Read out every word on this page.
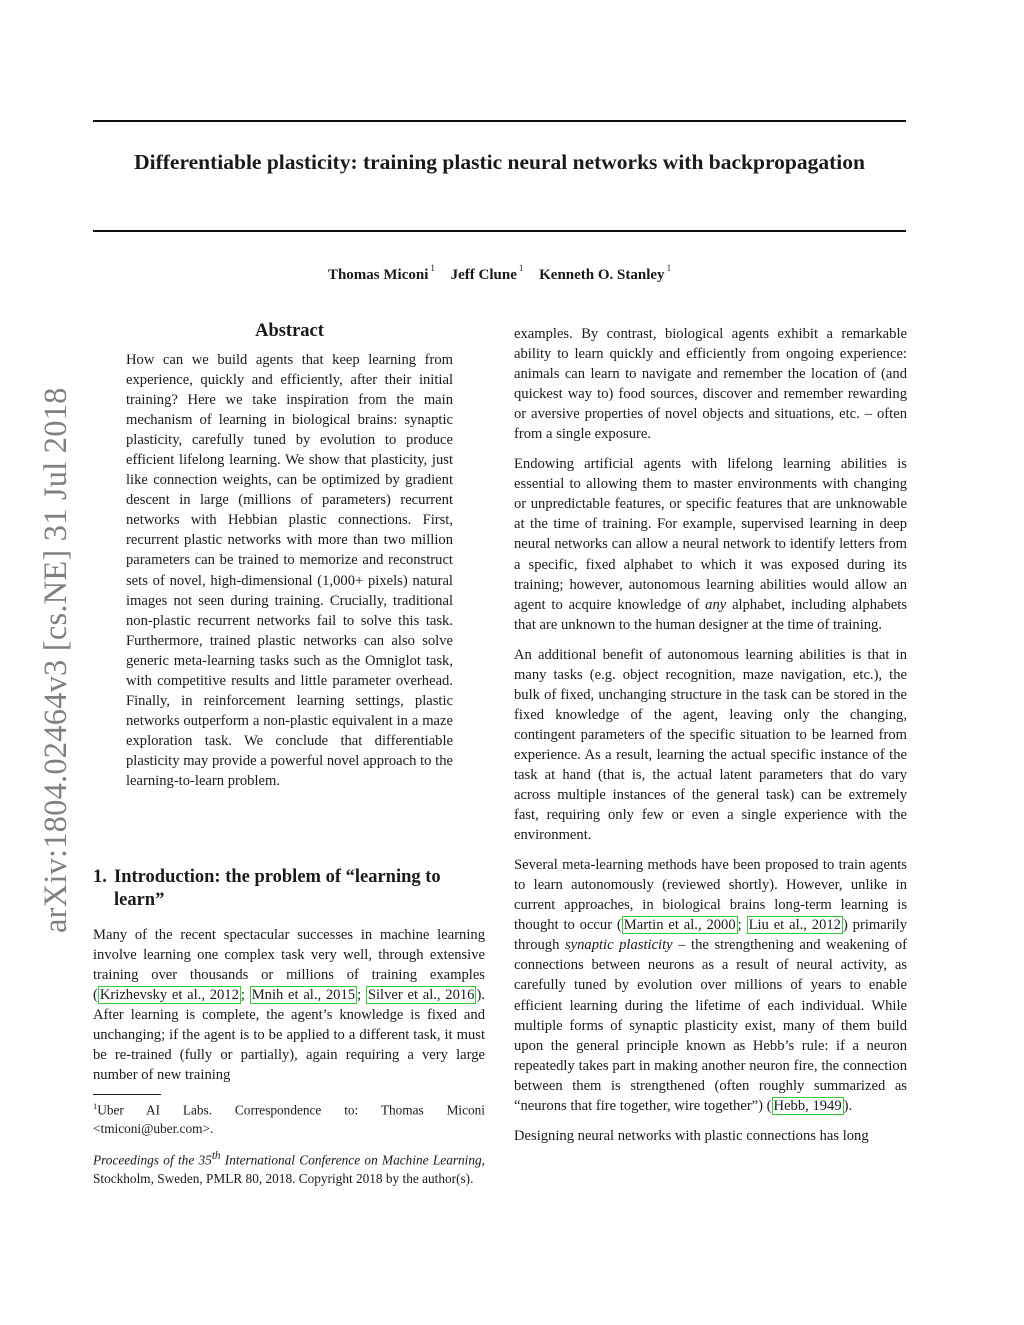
arXiv:1804.02464v3 [cs.NE] 31 Jul 2018
Differentiable plasticity: training plastic neural networks with backpropagation
Thomas Miconi $^1$ Jeff Clune $^1$ Kenneth O. Stanley $^1$
Abstract
How can we build agents that keep learning from experience, quickly and efficiently, after their initial training? Here we take inspiration from the main mechanism of learning in biological brains: synaptic plasticity, carefully tuned by evolution to produce efficient lifelong learning. We show that plasticity, just like connection weights, can be optimized by gradient descent in large (millions of parameters) recurrent networks with Hebbian plastic connections. First, recurrent plastic networks with more than two million parameters can be trained to memorize and reconstruct sets of novel, high-dimensional (1,000+ pixels) natural images not seen during training. Crucially, traditional non-plastic recurrent networks fail to solve this task. Furthermore, trained plastic networks can also solve generic meta-learning tasks such as the Omniglot task, with competitive results and little parameter overhead. Finally, in reinforcement learning settings, plastic networks outperform a non-plastic equivalent in a maze exploration task. We conclude that differentiable plasticity may provide a powerful novel approach to the learning-to-learn problem.
1. Introduction: the problem of “learning to
learn”
Many of the recent spectacular successes in machine learning involve learning one complex task very well, through extensive training over thousands or millions of training examples ( Krizhevsky et al., 2012 ; Mnih et al., 2015 ; Silver et al., 2016 ). After learning is complete, the agent’s knowledge is fixed and unchanging; if the agent is to be applied to a different task, it must be re-trained (fully or partially), again requiring a very large number of new training
$^1$Uber AI Labs. Correspondence to: Thomas Miconi <tmiconi@uber.com>.
Proceedings of the 35th International Conference on Machine Learning, Stockholm, Sweden, PMLR 80, 2018. Copyright 2018 by the author(s).

examples. By contrast, biological agents exhibit a remarkable ability to learn quickly and efficiently from ongoing experience: animals can learn to navigate and remember the location of (and quickest way to) food sources, discover and remember rewarding or aversive properties of novel objects and situations, etc. – often from a single exposure.

Endowing artificial agents with lifelong learning abilities is essential to allowing them to master environments with changing or unpredictable features, or specific features that are unknowable at the time of training. For example, supervised learning in deep neural networks can allow a neural network to identify letters from a specific, fixed alphabet to which it was exposed during its training; however, autonomous learning abilities would allow an agent to acquire knowledge of any alphabet, including alphabets that are unknown to the human designer at the time of training.

An additional benefit of autonomous learning abilities is that in many tasks (e.g. object recognition, maze navigation, etc.), the bulk of fixed, unchanging structure in the task can be stored in the fixed knowledge of the agent, leaving only the changing, contingent parameters of the specific situation to be learned from experience. As a result, learning the actual specific instance of the task at hand (that is, the actual latent parameters that do vary across multiple instances of the general task) can be extremely fast, requiring only few or even a single experience with the environment.

Several meta-learning methods have been proposed to train agents to learn autonomously (reviewed shortly). However, unlike in current approaches, in biological brains long-term learning is thought to occur ( Martin et al., 2000 ; Liu et al., 2012 ) primarily through synaptic plasticity – the strengthening and weakening of connections between neurons as a result of neural activity, as carefully tuned by evolution over millions of years to enable efficient learning during the lifetime of each individual. While multiple forms of synaptic plasticity exist, many of them build upon the general principle known as Hebb’s rule: if a neuron repeatedly takes part in making another neuron fire, the connection between them is strengthened (often roughly summarized as “neurons that fire together, wire together”) ( Hebb, 1949 ).

Designing neural networks with plastic connections has long
